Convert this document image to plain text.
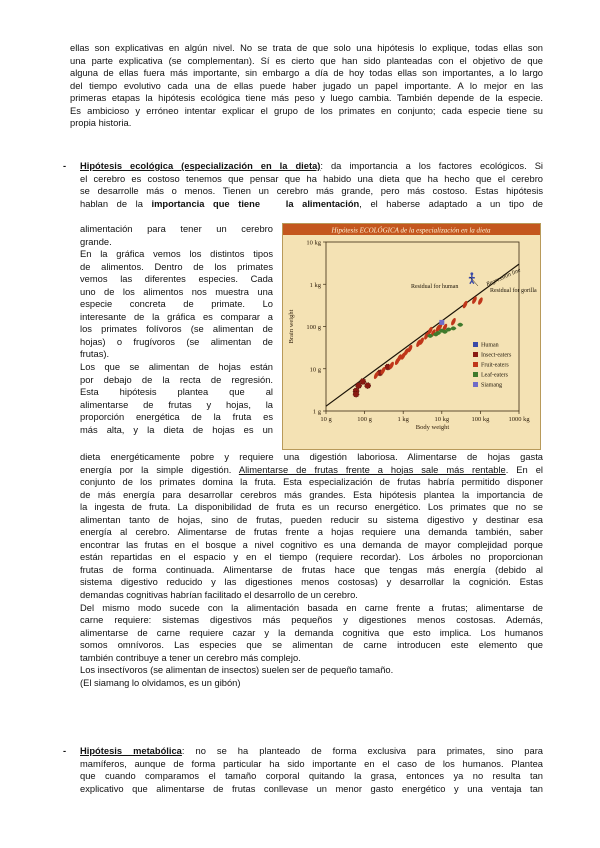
ellas son explicativas en algún nivel. No se trata de que solo una hipótesis lo explique, todas ellas son
una parte explicativa (se complementan). Sí es cierto que han sido planteadas con el objetivo de que
alguna de ellas fuera más importante, sin embargo a día de hoy todas ellas son importantes, a lo largo
del tiempo evolutivo cada una de ellas puede haber jugado un papel importante. A lo mejor en las
primeras etapas la hipótesis ecológica tiene más peso y luego cambia. También depende de la especie.
Es ambicioso y erróneo intentar explicar el grupo de los primates en conjunto; cada especie tiene su
propia historia.
- Hipótesis ecológica (especialización en la dieta): da importancia a los factores ecológicos. Si
el cerebro es costoso tenemos que pensar que ha habido una dieta que ha hecho que el cerebro
se desarrolle más o menos. Tienen un cerebro más grande, pero más costoso. Estas hipótesis
hablan de la importancia que tiene	la alimentación, el haberse adaptado a un tipo de
alimentación para tener un cerebro
grande.
En la gráfica vemos los distintos tipos
de alimentos. Dentro de los primates
vemos las diferentes especies. Cada
uno de los alimentos nos muestra una
especie concreta de primate. Lo
interesante de la gráfica es comparar a
los primates folívoros (se alimentan de
hojas) o frugívoros (se alimentan de
frutas).
Los que se alimentan de hojas están
por debajo de la recta de regresión.
Esta hipótesis plantea que al
alimentarse de frutas y hojas, la
proporción energética de la fruta es
más alta, y la dieta de hojas es un
Hipótesis ECOLÓGICA de la especialización en la dieta
1 g
10 g
100 g
1 kg
10 kg
10 g	100 g	1 kg	10 kg	100 kg	1000 kg
Body weight
Brain weight
Regression line
Residual for human
Residual for gorilla
Human
Insect-eaters
Fruit-eaters
Leaf-eaters
Siamang
dieta energéticamente pobre y requiere una digestión laboriosa. Alimentarse de hojas gasta
energía por la simple digestión. Alimentarse de frutas frente a hojas sale más rentable. En el
conjunto de los primates domina la fruta. Esta especialización de frutas habría permitido disponer
de más energía para desarrollar cerebros más grandes. Esta hipótesis plantea la importancia de
la ingesta de fruta. La disponibilidad de fruta es un recurso energético. Los primates que no se
alimentan tanto de hojas, sino de frutas, pueden reducir su sistema digestivo y destinar esa
energía al cerebro. Alimentarse de frutas frente a hojas requiere una demanda también, saber
encontrar las frutas en el bosque a nivel cognitivo es una demanda de mayor complejidad porque
están repartidas en el espacio y en el tiempo (requiere recordar). Los árboles no proporcionan
frutas de forma continuada. Alimentarse de frutas hace que tengas más energía (debido al
sistema digestivo reducido y las digestiones menos costosas) y desarrollar la cognición. Estas
demandas cognitivas habrían facilitado el desarrollo de un cerebro.
Del mismo modo sucede con la alimentación basada en carne frente a frutas; alimentarse de
carne requiere: sistemas digestivos más pequeños y digestiones menos costosas. Además,
alimentarse de carne requiere cazar y la demanda cognitiva que esto implica. Los humanos
somos omnívoros. Las especies que se alimentan de carne introducen este elemento que
también contribuye a tener un cerebro más complejo.
Los insectívoros (se alimentan de insectos) suelen ser de pequeño tamaño.
(El siamang lo olvidamos, es un gibón)
- Hipótesis metabólica: no se ha planteado de forma exclusiva para primates, sino para
mamíferos, aunque de forma particular ha sido importante en el caso de los humanos. Plantea
que cuando comparamos el tamaño corporal quitando la grasa, entonces ya no resulta tan
explicativo que alimentarse de frutas conllevase un menor gasto energético y una ventaja tan
